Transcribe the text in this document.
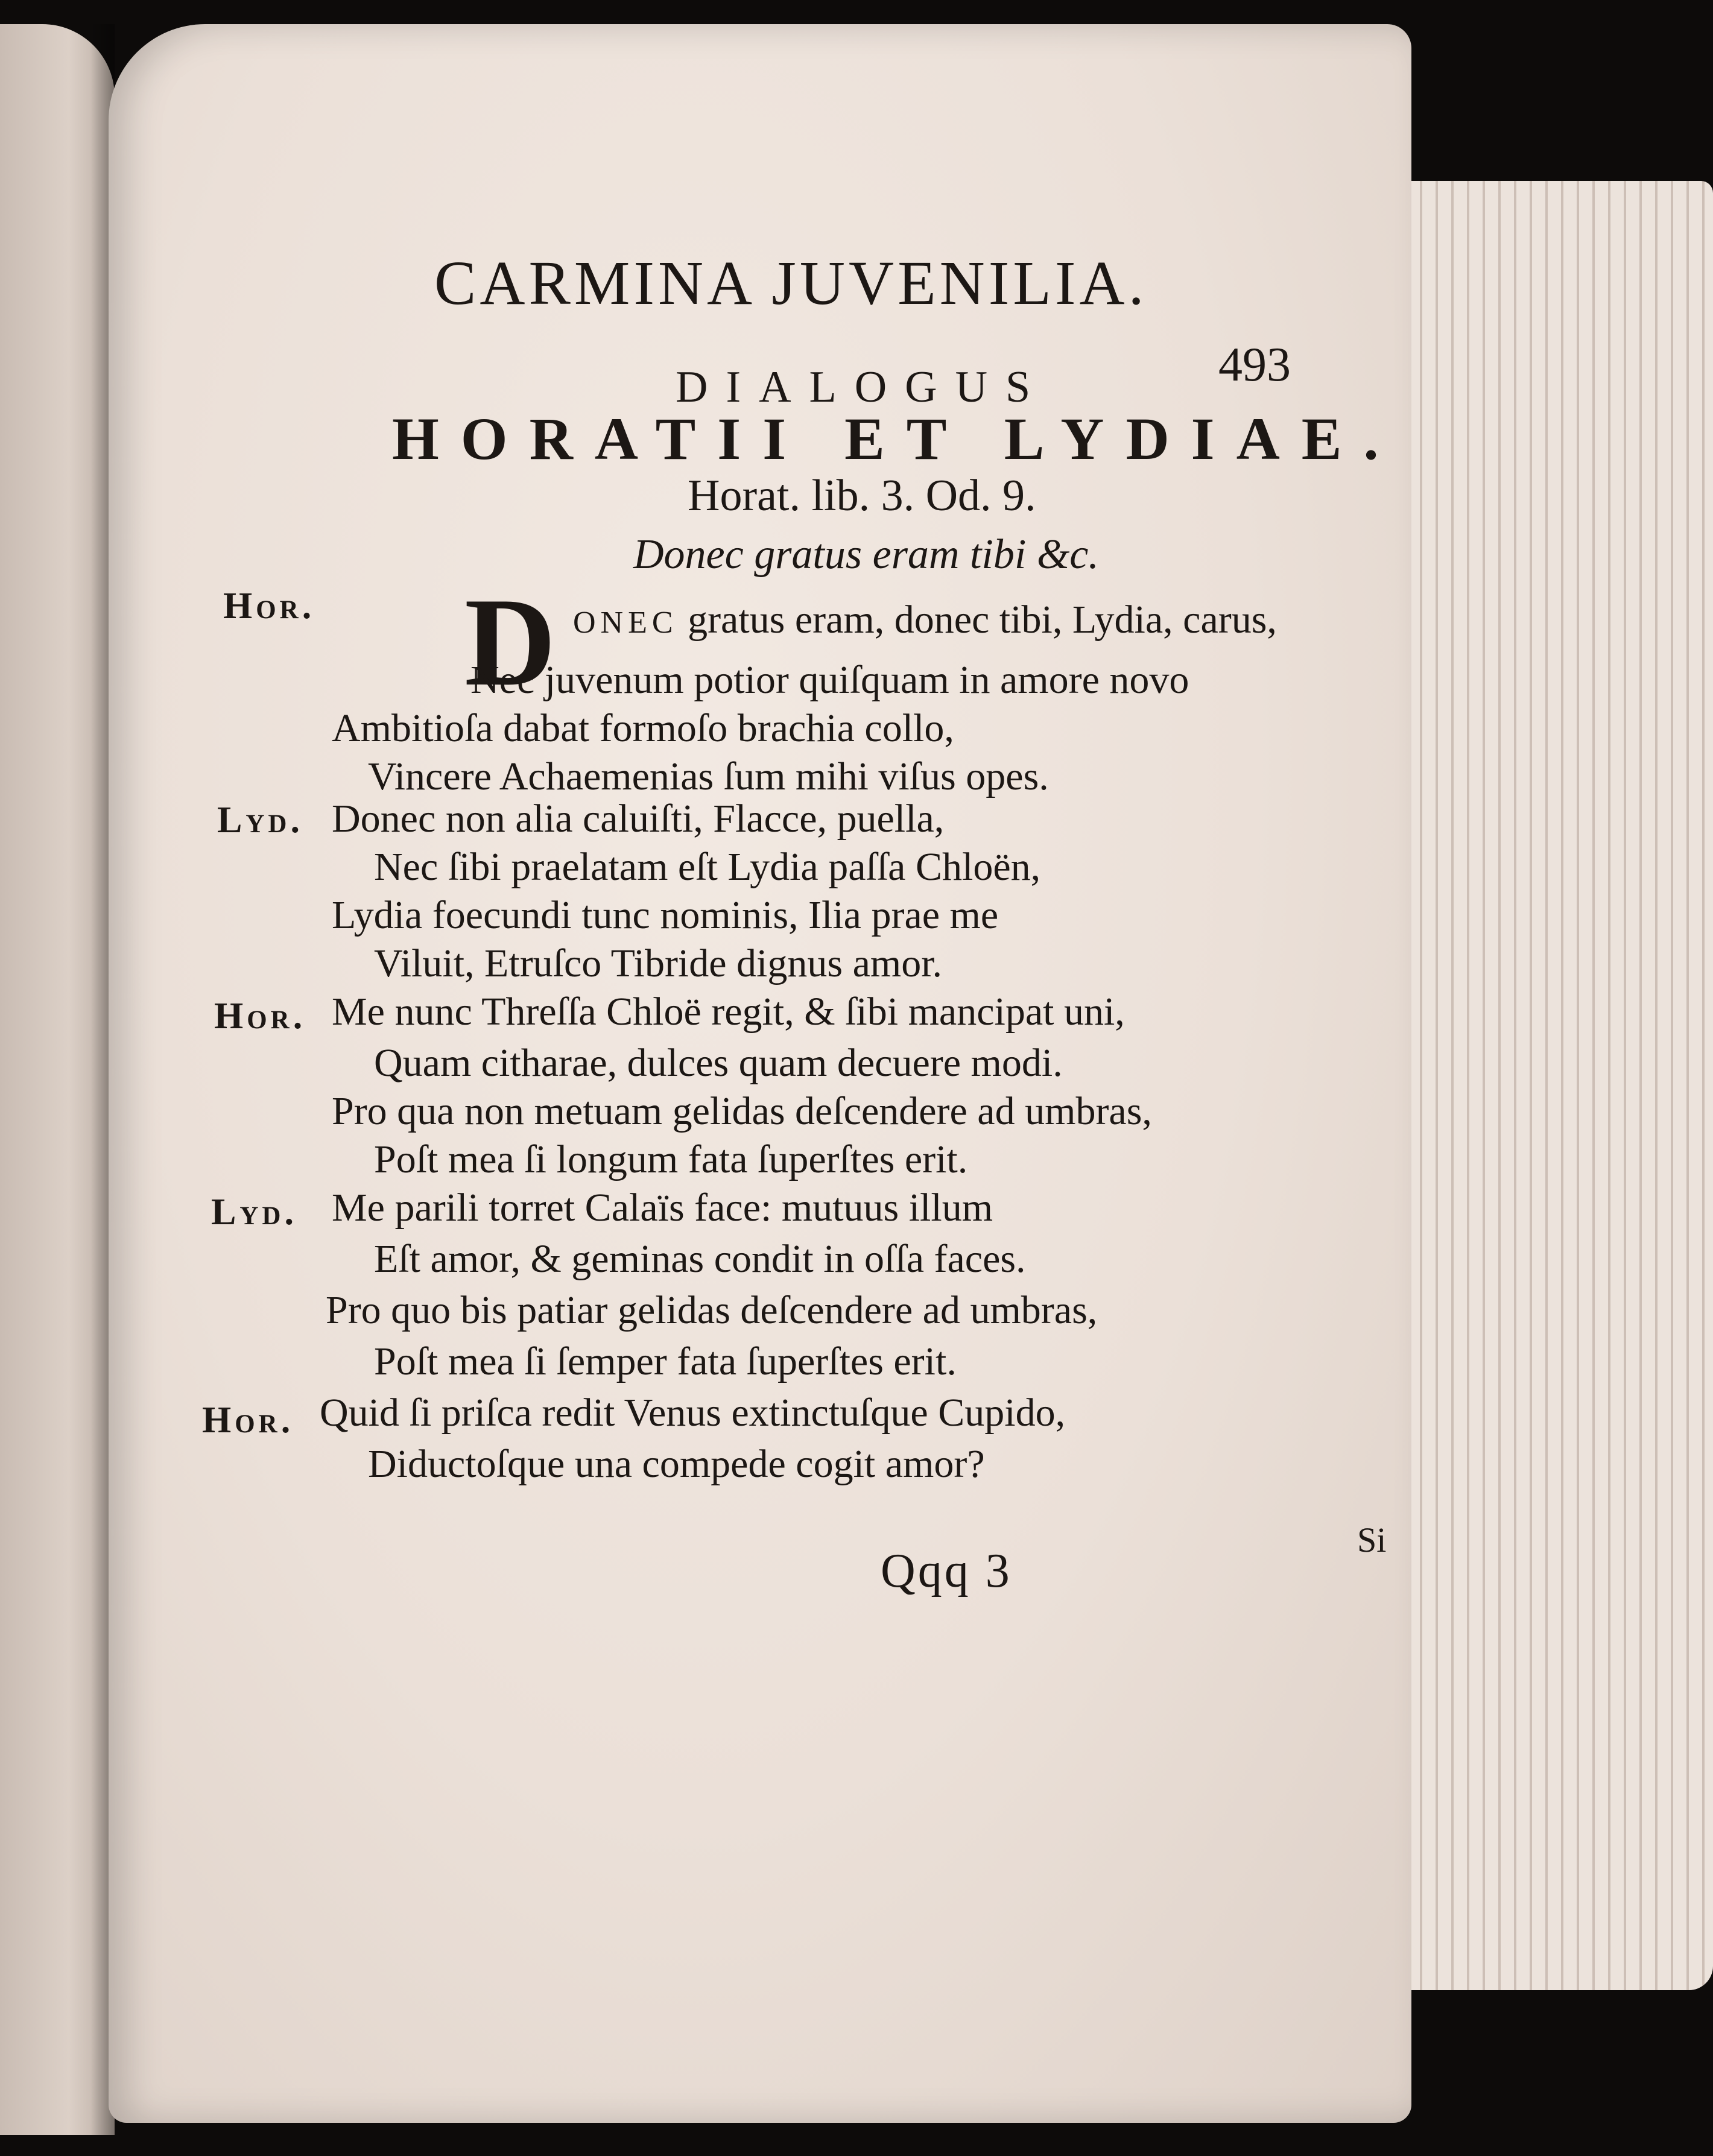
CARMINA JUVENILIA.
493
DIALOGUS
HORATII ET LYDIAE.
Horat. lib. 3. Od. 9.
Donec gratus eram tibi &c.
Hor. D ONEC gratus eram, donec tibi, Lydia, carus,
Nec juvenum potior quiſquam in amore novo
Ambitioſa dabat formoſo brachia collo,
Vincere Achaemenias ſum mihi viſus opes.
Lyd. Donec non alia caluiſti, Flacce, puella,
Nec ſibi praelatam eſt Lydia paſſa Chloën,
Lydia foecundi tunc nominis, Ilia prae me
Viluit, Etruſco Tibride dignus amor.
Hor. Me nunc Threſſa Chloë regit, & ſibi mancipat uni,
Quam citharae, dulces quam decuere modi.
Pro qua non metuam gelidas deſcendere ad umbras,
Poſt mea ſi longum fata ſuperſtes erit.
Lyd. Me parili torret Calaïs face: mutuus illum
Eſt amor, & geminas condit in oſſa faces.
Pro quo bis patiar gelidas deſcendere ad umbras,
Poſt mea ſi ſemper fata ſuperſtes erit.
Hor. Quid ſi priſca redit Venus extinctuſque Cupido,
Diductoſque una compede cogit amor?
Qqq 3
Si
